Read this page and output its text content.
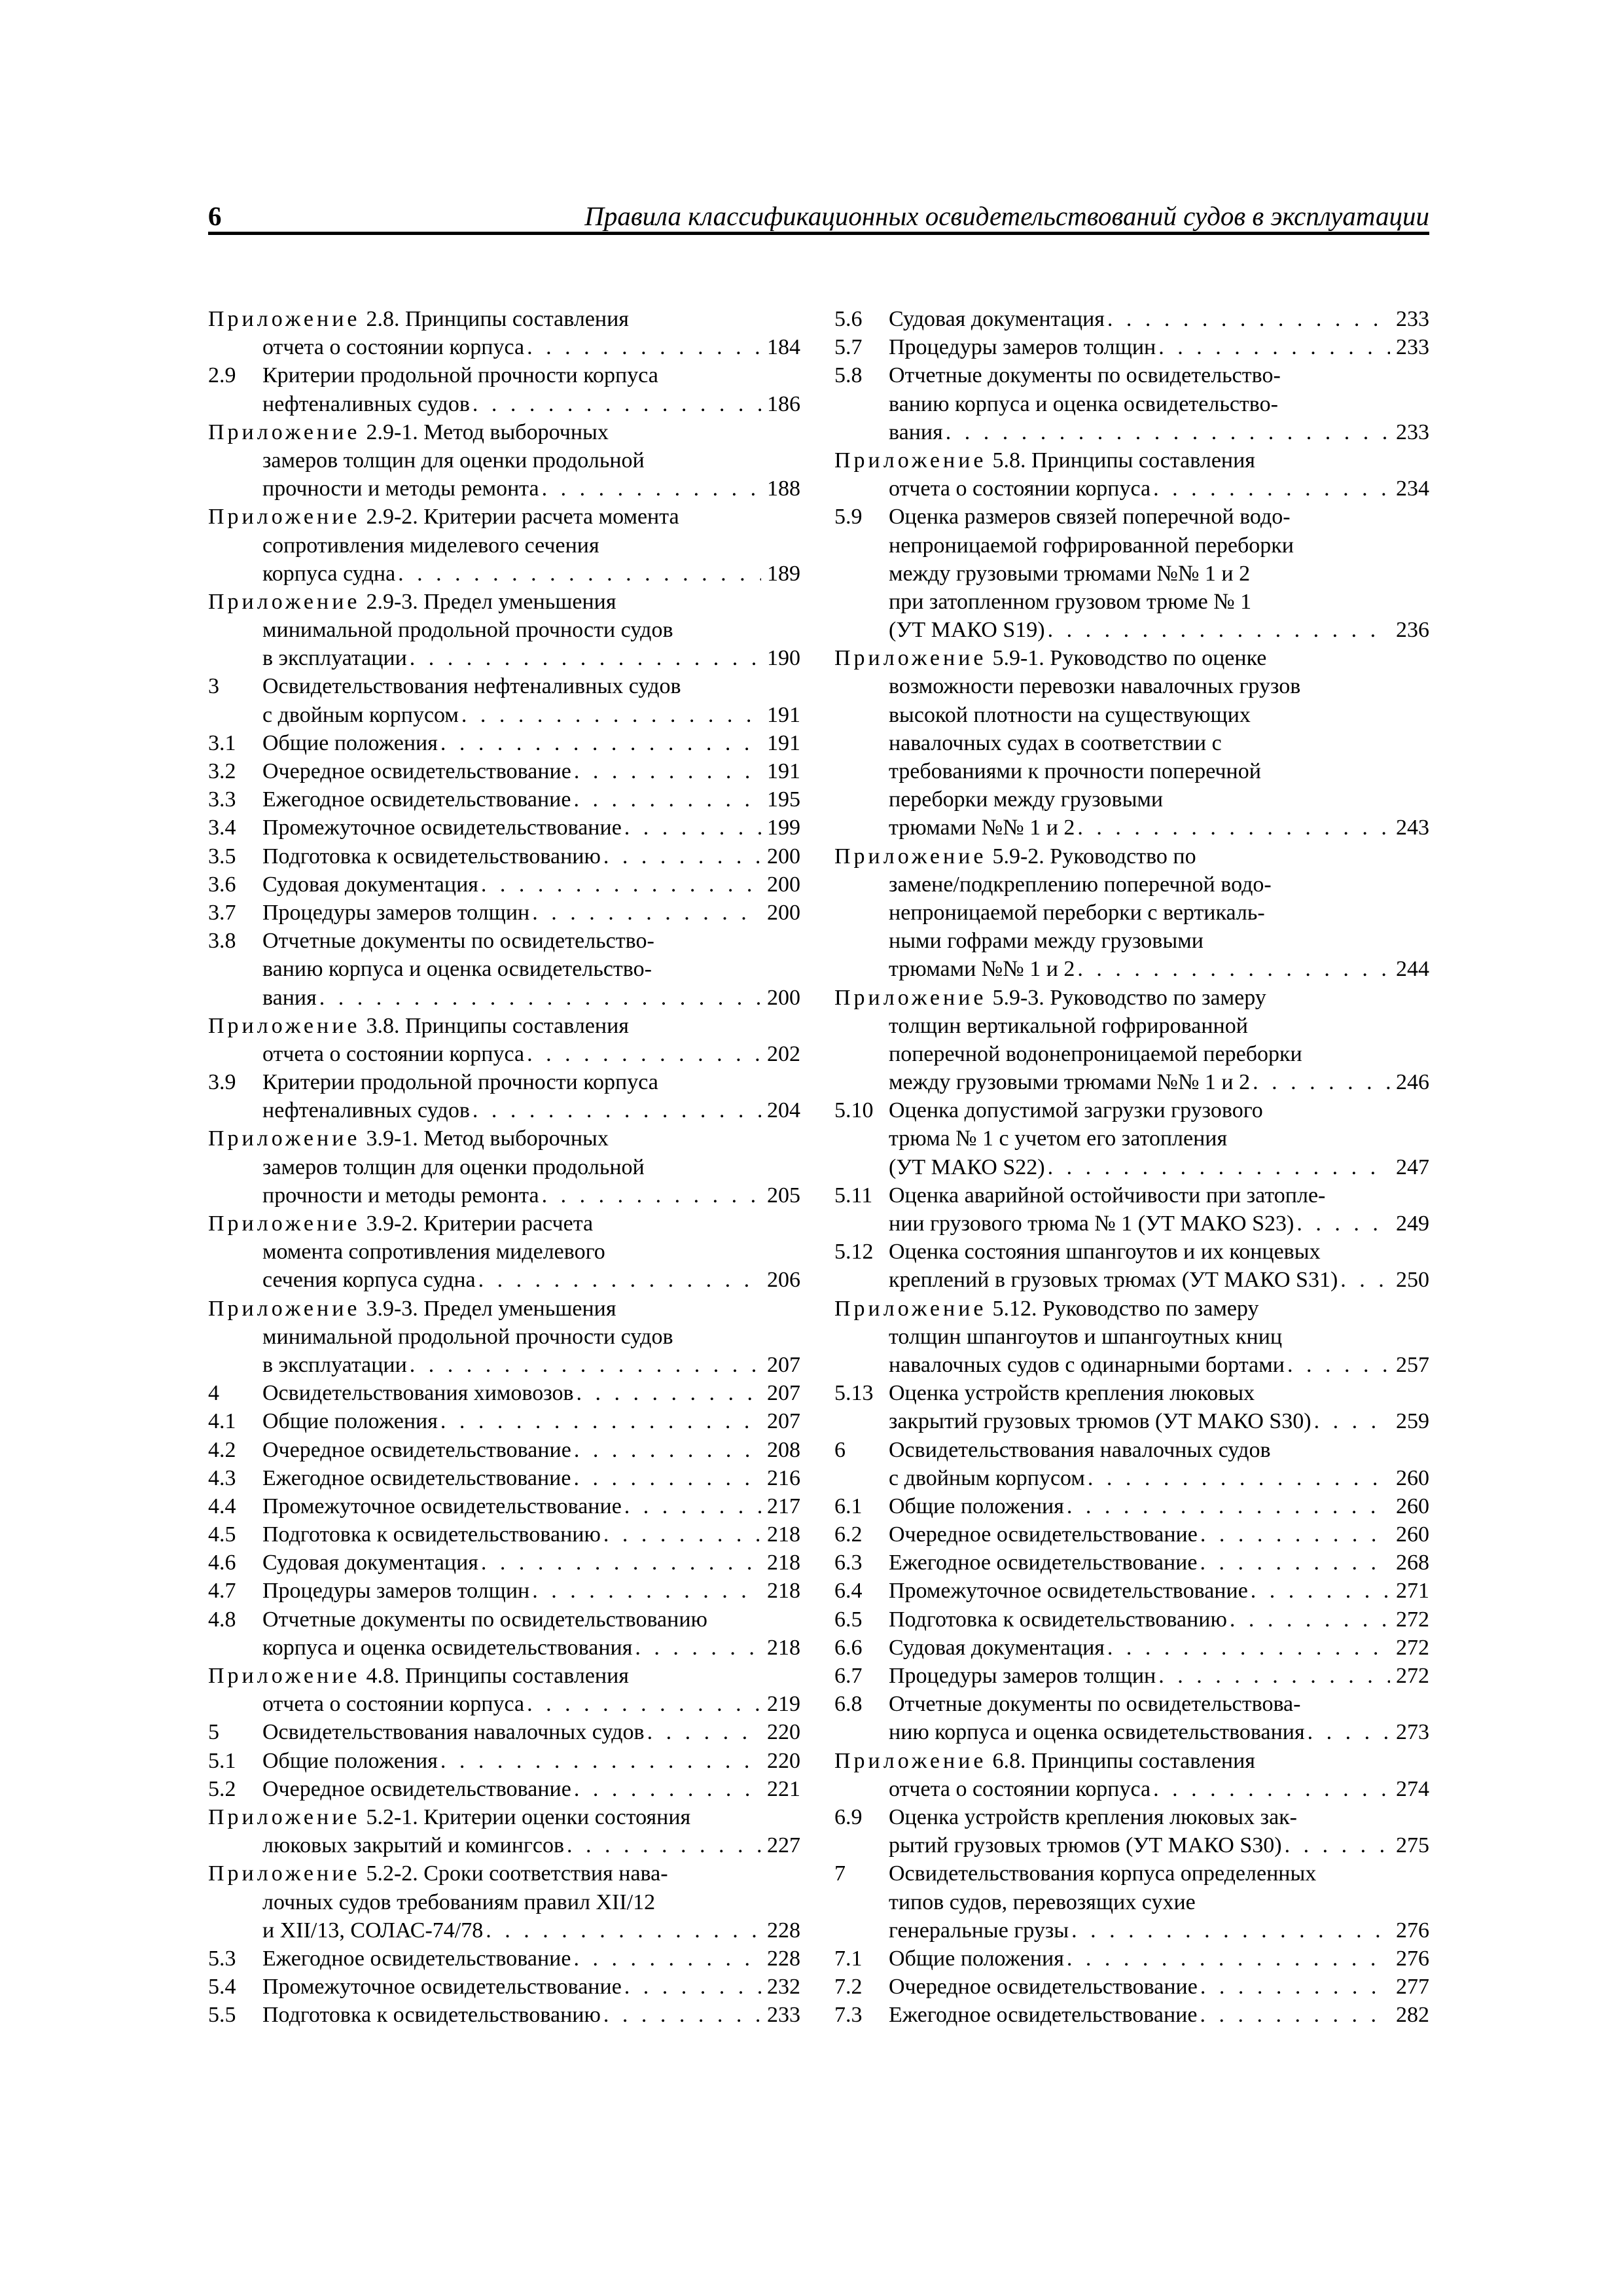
6	Правила классификационных освидетельствований судов в эксплуатации
Приложение 2.8. Принципы составления
отчета о состоянии корпуса . . .	184
2.9	Критерии продольной прочности корпуса
нефтеналивных судов . . .	186
Приложение 2.9-1. Метод выборочных
замеров толщин для оценки продольной
прочности и методы ремонта . . .	188
Приложение 2.9-2. Критерии расчета момента
сопротивления миделевого сечения
корпуса судна . . .	189
Приложение 2.9-3. Предел уменьшения
минимальной продольной прочности судов
в эксплуатации . . .	190
3	Освидетельствования нефтеналивных судов
с двойным корпусом . . .	191
3.1	Общие положения . . .	191
3.2	Очередное освидетельствование . . .	191
3.3	Ежегодное освидетельствование . . .	195
3.4	Промежуточное освидетельствование . . .	199
3.5	Подготовка к освидетельствованию . . .	200
3.6	Судовая документация . . .	200
3.7	Процедуры замеров толщин . . .	200
3.8	Отчетные документы по освидетельство-
ванию корпуса и оценка освидетельство-
вания . . .	200
Приложение 3.8. Принципы составления
отчета о состоянии корпуса . . .	202
3.9	Критерии продольной прочности корпуса
нефтеналивных судов . . .	204
Приложение 3.9-1. Метод выборочных
замеров толщин для оценки продольной
прочности и методы ремонта . . .	205
Приложение 3.9-2. Критерии расчета
момента сопротивления миделевого
сечения корпуса судна . . .	206
Приложение 3.9-3. Предел уменьшения
минимальной продольной прочности судов
в эксплуатации . . .	207
4	Освидетельствования химовозов . . .	207
4.1	Общие положения . . .	207
4.2	Очередное освидетельствование . . .	208
4.3	Ежегодное освидетельствование . . .	216
4.4	Промежуточное освидетельствование . . .	217
4.5	Подготовка к освидетельствованию . . .	218
4.6	Судовая документация . . .	218
4.7	Процедуры замеров толщин . . .	218
4.8	Отчетные документы по освидетельствованию
корпуса и оценка освидетельствования . . .	218
Приложение 4.8. Принципы составления
отчета о состоянии корпуса . . .	219
5	Освидетельствования навалочных судов . . .	220
5.1	Общие положения . . .	220
5.2	Очередное освидетельствование . . .	221
Приложение 5.2-1. Критерии оценки состояния
люковых закрытий и комингсов . . .	227
Приложение 5.2-2. Сроки соответствия нава-
лочных судов требованиям правил XII/12
и XII/13, СОЛАС-74/78 . . .	228
5.3	Ежегодное освидетельствование . . .	228
5.4	Промежуточное освидетельствование . . .	232
5.5	Подготовка к освидетельствованию . . .	233
5.6	Судовая документация . . .	233
5.7	Процедуры замеров толщин . . .	233
5.8	Отчетные документы по освидетельство-
ванию корпуса и оценка освидетельство-
вания . . .	233
Приложение 5.8. Принципы составления
отчета о состоянии корпуса . . .	234
5.9	Оценка размеров связей поперечной водо-
непроницаемой гофрированной переборки
между грузовыми трюмами №№ 1 и 2
при затопленном грузовом трюме № 1
(УТ МАКО S19) . . .	236
Приложение 5.9-1. Руководство по оценке
возможности перевозки навалочных грузов
высокой плотности на существующих
навалочных судах в соответствии с
требованиями к прочности поперечной
переборки между грузовыми
трюмами №№ 1 и 2 . . .	243
Приложение 5.9-2. Руководство по
замене/подкреплению поперечной водо-
непроницаемой переборки с вертикаль-
ными гофрами между грузовыми
трюмами №№ 1 и 2 . . .	244
Приложение 5.9-3. Руководство по замеру
толщин вертикальной гофрированной
поперечной водонепроницаемой переборки
между грузовыми трюмами №№ 1 и 2 . . .	246
5.10 Оценка допустимой загрузки грузового
трюма № 1 с учетом его затопления
(УТ МАКО S22) . . .	247
5.11 Оценка аварийной остойчивости при затопле-
нии грузового трюма № 1 (УТ МАКО S23) . . .	249
5.12 Оценка состояния шпангоутов и их концевых
креплений в грузовых трюмах (УТ МАКО S31) . . .	250
Приложение 5.12. Руководство по замеру
толщин шпангоутов и шпангоутных книц
навалочных судов с одинарными бортами . . .	257
5.13 Оценка устройств крепления люковых
закрытий грузовых трюмов (УТ МАКО S30) . . .	259
6	Освидетельствования навалочных судов
с двойным корпусом . . .	260
6.1	Общие положения . . .	260
6.2	Очередное освидетельствование . . .	260
6.3	Ежегодное освидетельствование . . .	268
6.4	Промежуточное освидетельствование . . .	271
6.5	Подготовка к освидетельствованию . . .	272
6.6	Судовая документация . . .	272
6.7	Процедуры замеров толщин . . .	272
6.8	Отчетные документы по освидетельствова-
нию корпуса и оценка освидетельствования . . .	273
Приложение 6.8. Принципы составления
отчета о состоянии корпуса . . .	274
6.9	Оценка устройств крепления люковых зак-
рытий грузовых трюмов (УТ МАКО S30) . . .	275
7	Освидетельствования корпуса определенных
типов судов, перевозящих сухие
генеральные грузы . . .	276
7.1	Общие положения . . .	276
7.2	Очередное освидетельствование . . .	277
7.3	Ежегодное освидетельствование . . .	282
